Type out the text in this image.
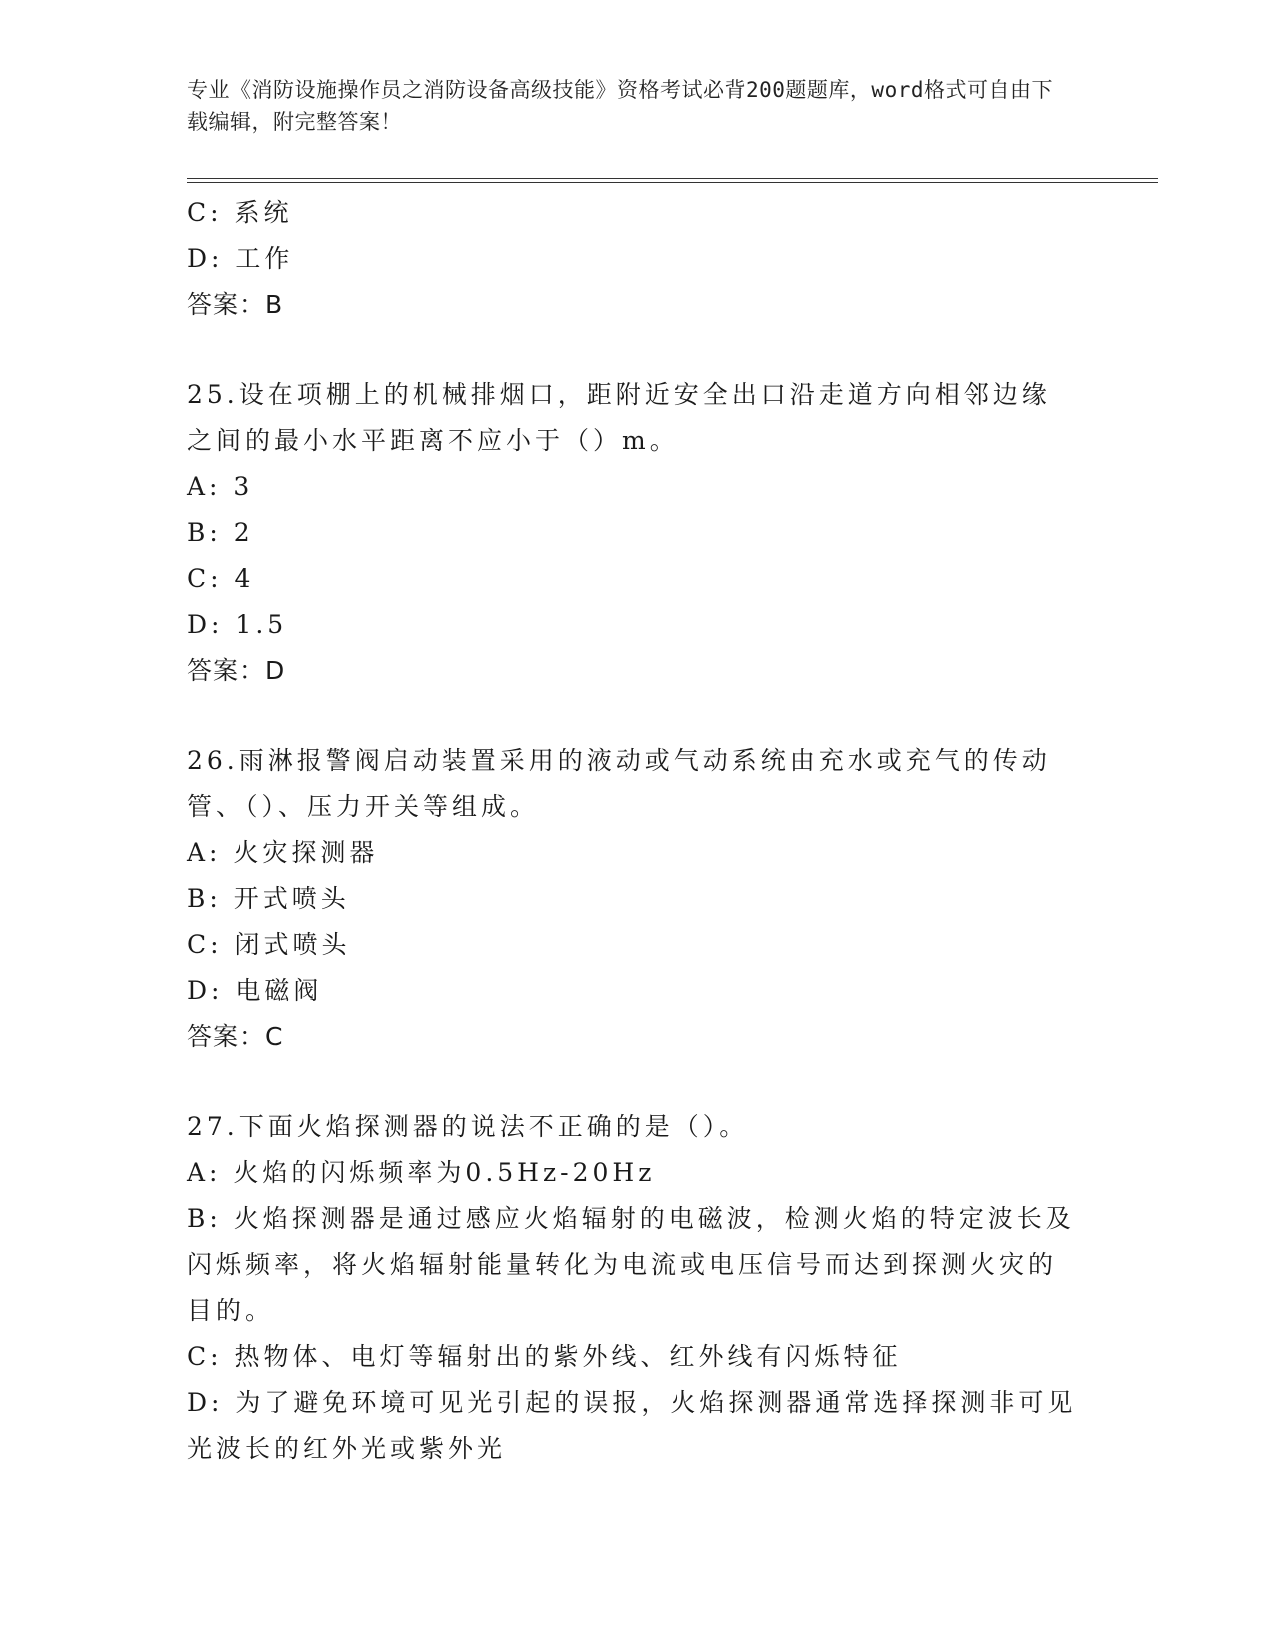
专业《消防设施操作员之消防设备高级技能》资格考试必背200题题库，word格式可自由下载编辑，附完整答案！

C: 系统

D: 工作

答案：B

25.设在项棚上的机械排烟口，距附近安全出口沿走道方向相邻边缘之间的最小水平距离不应小于（）m。

A: 3

B: 2

C: 4

D: 1.5

答案：D

26.雨淋报警阀启动装置采用的液动或气动系统由充水或充气的传动管、（）、压力开关等组成。

A: 火灾探测器

B: 开式喷头

C: 闭式喷头

D: 电磁阀

答案：C

27.下面火焰探测器的说法不正确的是（）。

A: 火焰的闪烁频率为0.5Hz-20Hz

B: 火焰探测器是通过感应火焰辐射的电磁波，检测火焰的特定波长及闪烁频率，将火焰辐射能量转化为电流或电压信号而达到探测火灾的目的。

C: 热物体、电灯等辐射出的紫外线、红外线有闪烁特征

D: 为了避免环境可见光引起的误报，火焰探测器通常选择探测非可见光波长的红外光或紫外光
